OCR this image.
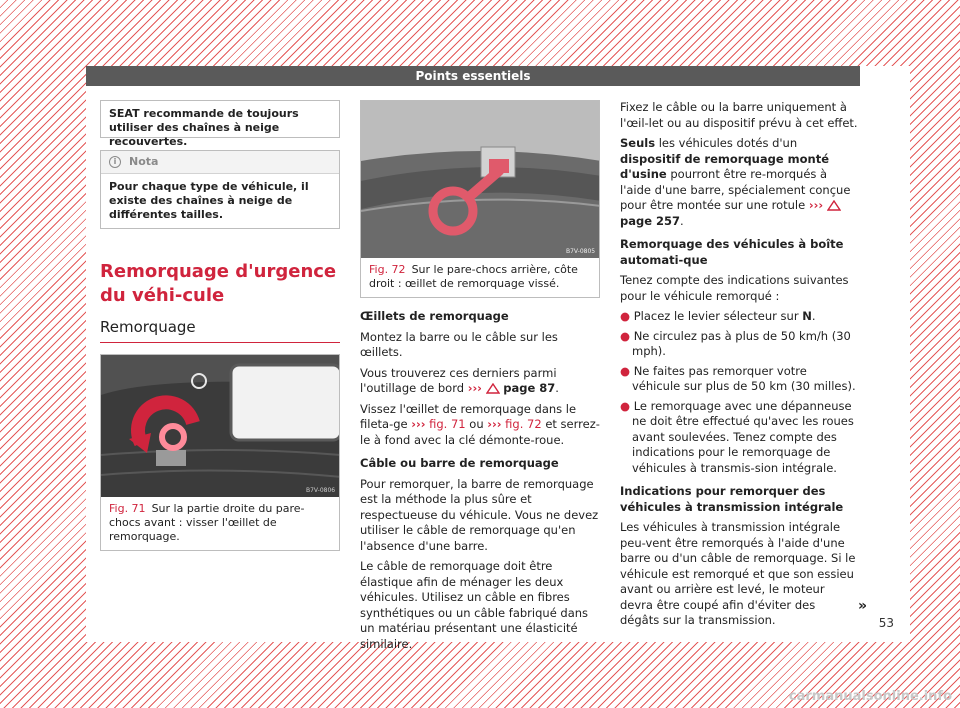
Points essentiels
SEAT recommande de toujours utiliser des chaînes à neige recouvertes.
i Nota
Pour chaque type de véhicule, il existe des chaînes à neige de différentes tailles.
Remorquage d'urgence du véhi-cule
Remorquage
B7V-0806
Fig. 71 Sur la partie droite du pare-chocs avant : visser l'œillet de remorquage.
B7V-0805
Fig. 72 Sur le pare-chocs arrière, côte droit : œillet de remorquage vissé.

Œillets de remorquage

Montez la barre ou le câble sur les œillets.

Vous trouverez ces derniers parmi l'outillage de bord ››› page 87.

Vissez l'œillet de remorquage dans le fileta-ge ››› fig. 71 ou ››› fig. 72 et serrez-le à fond avec la clé démonte-roue.

Câble ou barre de remorquage

Pour remorquer, la barre de remorquage est la méthode la plus sûre et respectueuse du véhicule. Vous ne devez utiliser le câble de remorquage qu'en l'absence d'une barre.

Le câble de remorquage doit être élastique afin de ménager les deux véhicules. Utilisez un câble en fibres synthétiques ou un câble fabriqué dans un matériau présentant une élasticité similaire.

Fixez le câble ou la barre uniquement à l'œil-let ou au dispositif prévu à cet effet.

Seuls les véhicules dotés d'un dispositif de remorquage monté d'usine pourront être re-morqués à l'aide d'une barre, spécialement conçue pour être montée sur une rotule ›››  page 257.

Remorquage des véhicules à boîte automati-que

Tenez compte des indications suivantes pour le véhicule remorqué :

● Placez le levier sélecteur sur N.

● Ne circulez pas à plus de 50 km/h (30 mph).

● Ne faites pas remorquer votre véhicule sur plus de 50 km (30 milles).

● Le remorquage avec une dépanneuse ne doit être effectué qu'avec les roues avant soulevées. Tenez compte des indications pour le remorquage de véhicules à transmis-sion intégrale.

Indications pour remorquer des véhicules à transmission intégrale

Les véhicules à transmission intégrale peu-vent être remorqués à l'aide d'une barre ou d'un câble de remorquage. Si le véhicule est remorqué et que son essieu avant ou arrière est levé, le moteur devra être coupé afin d'éviter des dégâts sur la transmission.

»
53
carmanualsonline.info
